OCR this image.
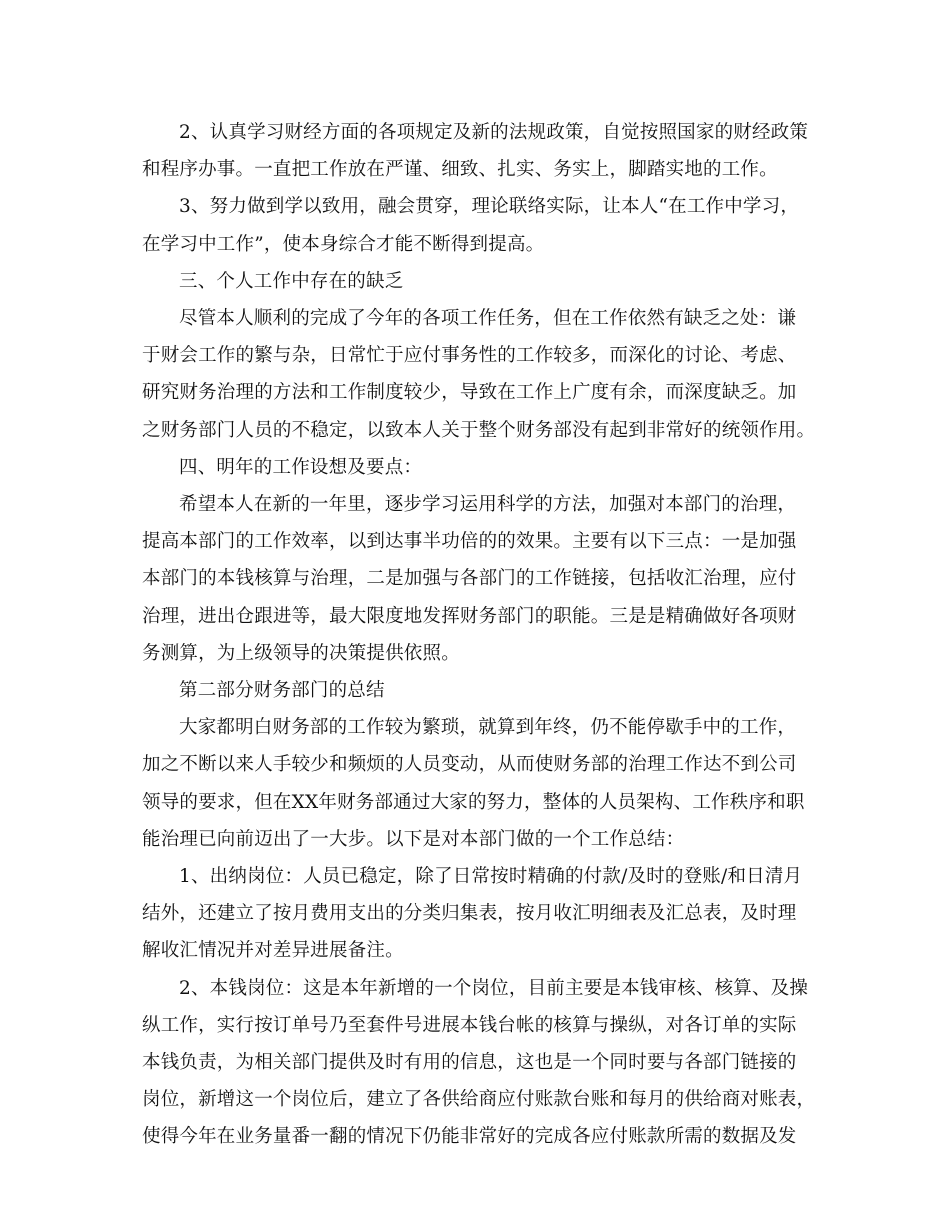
2、认真学习财经方面的各项规定及新的法规政策，自觉按照国家的财经政策
和程序办事。一直把工作放在严谨、细致、扎实、务实上，脚踏实地的工作。

3、努力做到学以致用，融会贯穿，理论联络实际，让本人“在工作中学习，
在学习中工作”，使本身综合才能不断得到提高。

三、个人工作中存在的缺乏

尽管本人顺利的完成了今年的各项工作任务，但在工作依然有缺乏之处：谦
于财会工作的繁与杂，日常忙于应付事务性的工作较多，而深化的讨论、考虑、
研究财务治理的方法和工作制度较少，导致在工作上广度有余，而深度缺乏。加
之财务部门人员的不稳定，以致本人关于整个财务部没有起到非常好的统领作用。

四、明年的工作设想及要点：

希望本人在新的一年里，逐步学习运用科学的方法，加强对本部门的治理，
提高本部门的工作效率，以到达事半功倍的的效果。主要有以下三点：一是加强
本部门的本钱核算与治理，二是加强与各部门的工作链接，包括收汇治理，应付
治理，进出仓跟进等，最大限度地发挥财务部门的职能。三是是精确做好各项财
务测算，为上级领导的决策提供依照。

第二部分财务部门的总结

大家都明白财务部的工作较为繁琐，就算到年终，仍不能停歇手中的工作，
加之不断以来人手较少和频烦的人员变动，从而使财务部的治理工作达不到公司
领导的要求，但在XX年财务部通过大家的努力，整体的人员架构、工作秩序和职
能治理已向前迈出了一大步。以下是对本部门做的一个工作总结：

1、出纳岗位：人员已稳定，除了日常按时精确的付款/及时的登账/和日清月
结外，还建立了按月费用支出的分类归集表，按月收汇明细表及汇总表，及时理
解收汇情况并对差异进展备注。

2、本钱岗位：这是本年新增的一个岗位，目前主要是本钱审核、核算、及操
纵工作，实行按订单号乃至套件号进展本钱台帐的核算与操纵，对各订单的实际
本钱负责，为相关部门提供及时有用的信息，这也是一个同时要与各部门链接的
岗位，新增这一个岗位后，建立了各供给商应付账款台账和每月的供给商对账表，
使得今年在业务量番一翻的情况下仍能非常好的完成各应付账款所需的数据及发
